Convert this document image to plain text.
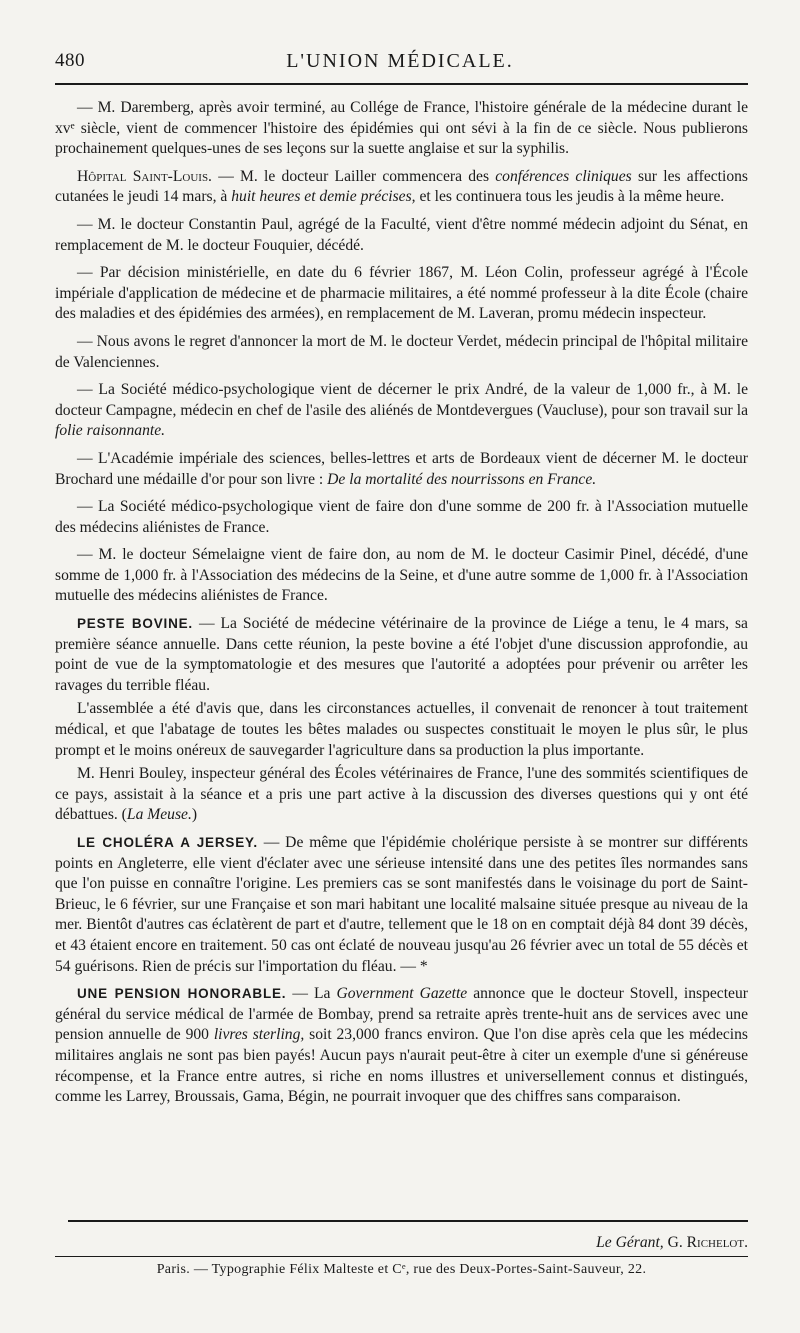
480	L'UNION MÉDICALE.

— M. Daremberg, après avoir terminé, au Collége de France, l'histoire générale de la médecine durant le xvᵉ siècle, vient de commencer l'histoire des épidémies qui ont sévi à la fin de ce siècle. Nous publierons prochainement quelques-unes de ses leçons sur la suette anglaise et sur la syphilis.

Hôpital Saint-Louis. — M. le docteur Lailler commencera des conférences cliniques sur les affections cutanées le jeudi 14 mars, à huit heures et demie précises, et les continuera tous les jeudis à la même heure.

— M. le docteur Constantin Paul, agrégé de la Faculté, vient d'être nommé médecin adjoint du Sénat, en remplacement de M. le docteur Fouquier, décédé.

— Par décision ministérielle, en date du 6 février 1867, M. Léon Colin, professeur agrégé à l'École impériale d'application de médecine et de pharmacie militaires, a été nommé professeur à la dite École (chaire des maladies et des épidémies des armées), en remplacement de M. Laveran, promu médecin inspecteur.

— Nous avons le regret d'annoncer la mort de M. le docteur Verdet, médecin principal de l'hôpital militaire de Valenciennes.

— La Société médico-psychologique vient de décerner le prix André, de la valeur de 1,000 fr., à M. le docteur Campagne, médecin en chef de l'asile des aliénés de Montdevergues (Vaucluse), pour son travail sur la folie raisonnante.

— L'Académie impériale des sciences, belles-lettres et arts de Bordeaux vient de décerner M. le docteur Brochard une médaille d'or pour son livre : De la mortalité des nourrissons en France.

— La Société médico-psychologique vient de faire don d'une somme de 200 fr. à l'Association mutuelle des médecins aliénistes de France.

— M. le docteur Sémelaigne vient de faire don, au nom de M. le docteur Casimir Pinel, décédé, d'une somme de 1,000 fr. à l'Association des médecins de la Seine, et d'une autre somme de 1,000 fr. à l'Association mutuelle des médecins aliénistes de France.

PESTE BOVINE. — La Société de médecine vétérinaire de la province de Liége a tenu, le 4 mars, sa première séance annuelle. Dans cette réunion, la peste bovine a été l'objet d'une discussion approfondie, au point de vue de la symptomatologie et des mesures que l'autorité a adoptées pour prévenir ou arrêter les ravages du terrible fléau.

L'assemblée a été d'avis que, dans les circonstances actuelles, il convenait de renoncer à tout traitement médical, et que l'abatage de toutes les bêtes malades ou suspectes constituait le moyen le plus sûr, le plus prompt et le moins onéreux de sauvegarder l'agriculture dans sa production la plus importante.

M. Henri Bouley, inspecteur général des Écoles vétérinaires de France, l'une des sommités scientifiques de ce pays, assistait à la séance et a pris une part active à la discussion des diverses questions qui y ont été débattues. (La Meuse.)

LE CHOLÉRA A JERSEY. — De même que l'épidémie cholérique persiste à se montrer sur différents points en Angleterre, elle vient d'éclater avec une sérieuse intensité dans une des petites îles normandes sans que l'on puisse en connaître l'origine. Les premiers cas se sont manifestés dans le voisinage du port de Saint-Brieuc, le 6 février, sur une Française et son mari habitant une localité malsaine située presque au niveau de la mer. Bientôt d'autres cas éclatèrent de part et d'autre, tellement que le 18 on en comptait déjà 84 dont 39 décès, et 43 étaient encore en traitement. 50 cas ont éclaté de nouveau jusqu'au 26 février avec un total de 55 décès et 54 guérisons. Rien de précis sur l'importation du fléau. — *

UNE PENSION HONORABLE. — La Government Gazette annonce que le docteur Stovell, inspecteur général du service médical de l'armée de Bombay, prend sa retraite après trente-huit ans de services avec une pension annuelle de 900 livres sterling, soit 23,000 francs environ. Que l'on dise après cela que les médecins militaires anglais ne sont pas bien payés! Aucun pays n'aurait peut-être à citer un exemple d'une si généreuse récompense, et la France entre autres, si riche en noms illustres et universellement connus et distingués, comme les Larrey, Broussais, Gama, Bégin, ne pourrait invoquer que des chiffres sans comparaison.

Le Gérant, G. Richelot.
Paris. — Typographie Félix Malteste et Cᵉ, rue des Deux-Portes-Saint-Sauveur, 22.
